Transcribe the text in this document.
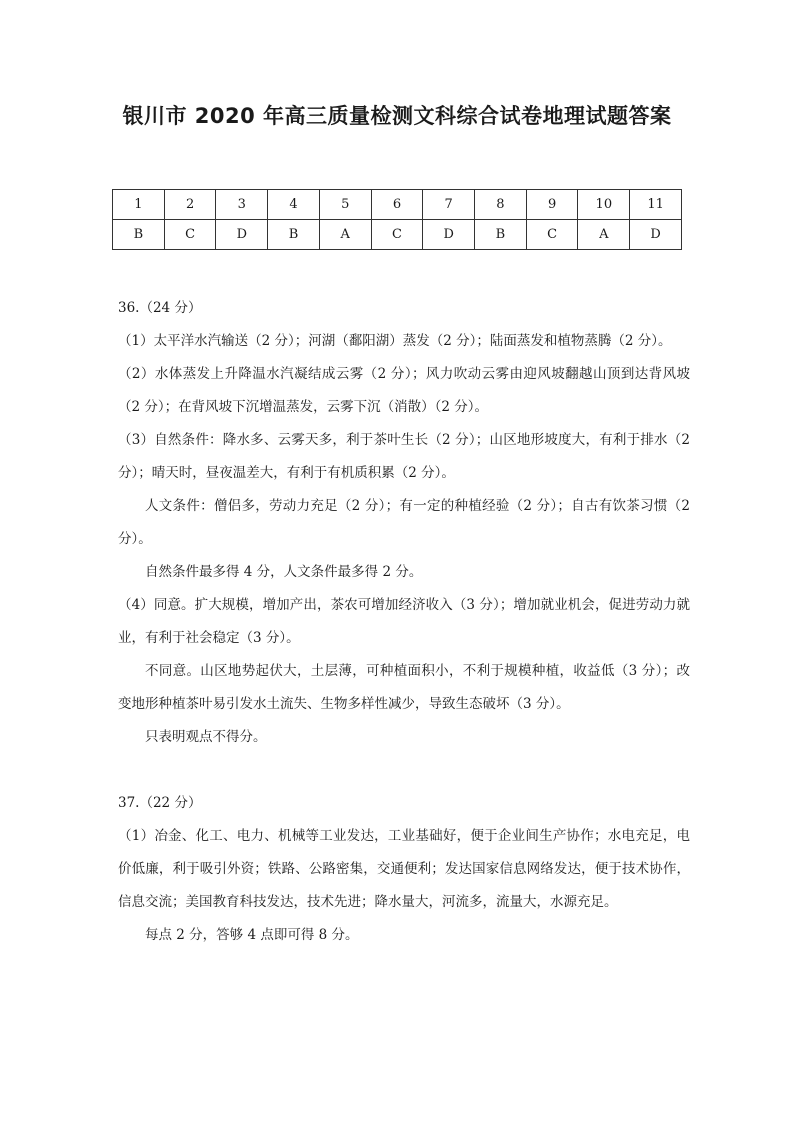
银川市 2020 年高三质量检测文科综合试卷地理试题答案
1	2	3	4	5	6	7	8	9	10	11
B	C	D	B	A	C	D	B	C	A	D

36.（24 分）

（1）太平洋水汽输送（2 分）；河湖（鄱阳湖）蒸发（2 分）；陆面蒸发和植物蒸腾（2 分）。

（2）水体蒸发上升降温水汽凝结成云雾（2 分）；风力吹动云雾由迎风坡翻越山顶到达背风坡（2 分）；在背风坡下沉增温蒸发，云雾下沉（消散）（2 分）。

（3）自然条件：降水多、云雾天多，利于茶叶生长（2 分）；山区地形坡度大，有利于排水（2 分）；晴天时，昼夜温差大，有利于有机质积累（2 分）。

人文条件：僧侣多，劳动力充足（2 分）；有一定的种植经验（2 分）；自古有饮茶习惯（2 分）。

自然条件最多得 4 分，人文条件最多得 2 分。

（4）同意。扩大规模，增加产出，茶农可增加经济收入（3 分）；增加就业机会，促进劳动力就业，有利于社会稳定（3 分）。

不同意。山区地势起伏大，土层薄，可种植面积小，不利于规模种植，收益低（3 分）；改变地形种植茶叶易引发水土流失、生物多样性减少，导致生态破坏（3 分）。

只表明观点不得分。

37.（22 分）

（1）冶金、化工、电力、机械等工业发达，工业基础好，便于企业间生产协作；水电充足，电价低廉，利于吸引外资；铁路、公路密集，交通便利；发达国家信息网络发达，便于技术协作，信息交流；美国教育科技发达，技术先进；降水量大，河流多，流量大，水源充足。

每点 2 分，答够 4 点即可得 8 分。
